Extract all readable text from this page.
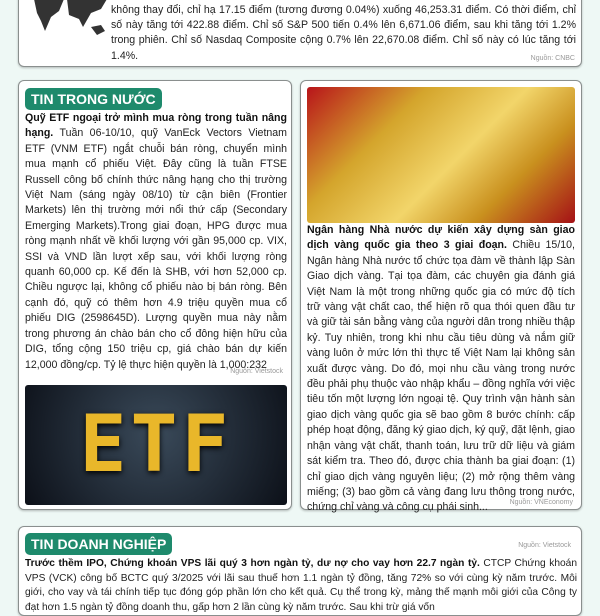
không thay đổi, chỉ hạ 17.15 điểm (tương đương 0.04%) xuống 46,253.31 điểm. Có thời điểm, chỉ số này tăng tới 422.88 điểm. Chỉ số S&P 500 tiến 0.4% lên 6,671.06 điểm, sau khi tăng tới 1.2% trong phiên. Chỉ số Nasdaq Composite cộng 0.7% lên 22,670.08 điểm. Chỉ số này có lúc tăng tới 1.4%.	Nguồn: CNBC
TIN TRONG NƯỚC
Quỹ ETF ngoại trở mình mua ròng trong tuần nâng hạng. Tuần 06-10/10, quỹ VanEck Vectors Vietnam ETF (VNM ETF) ngắt chuỗi bán ròng, chuyển mình mua mạnh cổ phiếu Việt. Đây cũng là tuần FTSE Russell công bố chính thức nâng hạng cho thị trường Việt Nam (sáng ngày 08/10) từ cận biên (Frontier Markets) lên thị trường mới nổi thứ cấp (Secondary Emerging Markets).Trong giai đoạn, HPG được mua ròng mạnh nhất về khối lượng với gần 95,000 cp. VIX, SSI và VND lần lượt xếp sau, với khối lượng ròng quanh 60,000 cp. Kế đến là SHB, với hơn 52,000 cp. Chiều ngược lại, không cổ phiếu nào bị bán ròng. Bên cạnh đó, quỹ có thêm hơn 4.9 triệu quyền mua cổ phiếu DIG (2598645D). Lượng quyền mua này nằm trong phương án chào bán cho cổ đông hiện hữu của DIG, tổng cộng 150 triệu cp, giá chào bán dự kiến 12,000 đồng/cp. Tỷ lệ thực hiện quyền là 1,000:232
Nguồn: Vietstock
ETF
Ngân hàng Nhà nước dự kiến xây dựng sàn giao dịch vàng quốc gia theo 3 giai đoạn. Chiều 15/10, Ngân hàng Nhà nước tổ chức tọa đàm về thành lập Sàn Giao dịch vàng. Tại tọa đàm, các chuyên gia đánh giá Việt Nam là một trong những quốc gia có mức độ tích trữ vàng vật chất cao, thể hiện rõ qua thói quen đầu tư và giữ tài sản bằng vàng của người dân trong nhiều thập kỷ. Tuy nhiên, trong khi nhu cầu tiêu dùng và nắm giữ vàng luôn ở mức lớn thì thực tế Việt Nam lại không sản xuất được vàng. Do đó, mọi nhu cầu vàng trong nước đều phải phụ thuộc vào nhập khẩu – đồng nghĩa với việc tiêu tốn một lượng lớn ngoại tệ. Quy trình vận hành sàn giao dịch vàng quốc gia sẽ bao gồm 8 bước chính: cấp phép hoạt động, đăng ký giao dịch, ký quỹ, đặt lệnh, giao nhận vàng vật chất, thanh toán, lưu trữ dữ liệu và giám sát kiểm tra. Theo đó, được chia thành ba giai đoạn: (1) chỉ giao dịch vàng nguyên liệu; (2) mở rộng thêm vàng miếng; (3) bao gồm cả vàng đang lưu thông trong nước, chứng chỉ vàng và công cụ phái sinh...	Nguồn: VNEconomy
TIN DOANH NGHIỆP	Nguồn: Vietstock
Trước thềm IPO, Chứng khoán VPS lãi quý 3 hơn ngàn tỷ, dư nợ cho vay hơn 22.7 ngàn tỷ. CTCP Chứng khoán VPS (VCK) công bố BCTC quý 3/2025 với lãi sau thuế hơn 1.1 ngàn tỷ đồng, tăng 72% so với cùng kỳ năm trước. Môi giới, cho vay và tái chính tiếp tục đóng góp phần lớn cho kết quả. Cụ thể trong kỳ, mảng thế mạnh môi giới của Công ty đạt hơn 1.5 ngàn tỷ đồng doanh thu, gấp hơn 2 lần cùng kỳ năm trước. Sau khi trừ giá vốn
